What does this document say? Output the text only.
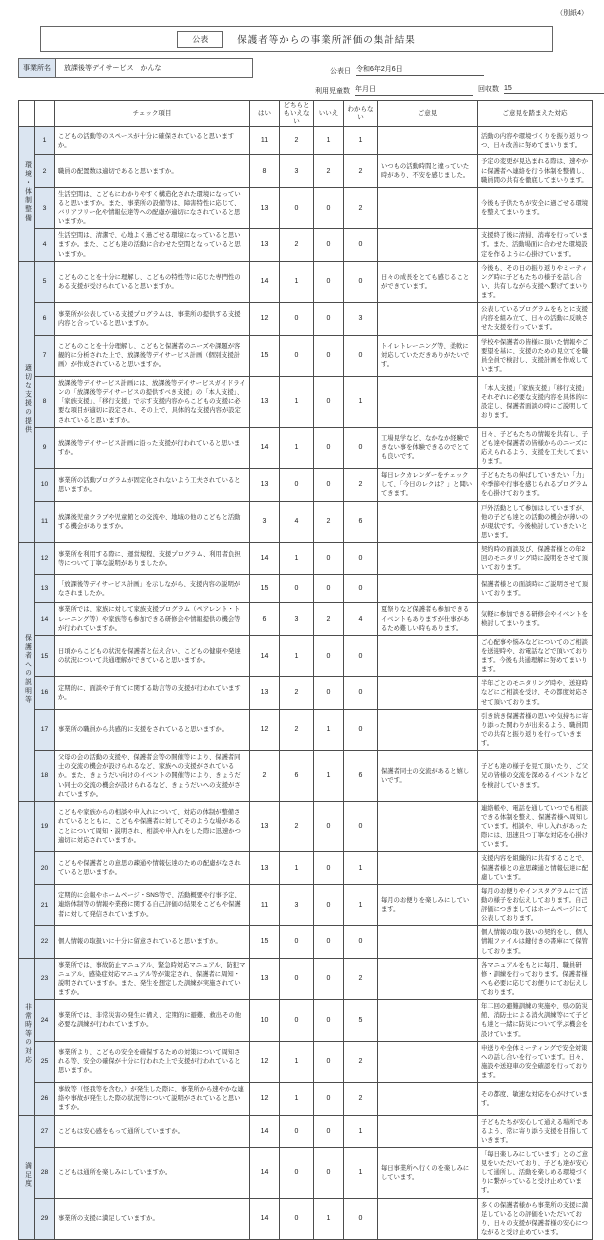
（別紙4）
公表	保護者等からの事業所評価の集計結果
事業所名	放課後等デイサービス　かんな	公表日 令和6年2月6日
利用児童数 年月日	回収数 15
		チェック項目	はい	どちらともいえない	いいえ	わからない	ご意見	ご意見を踏まえた対応
環境・体制整備	1	こどもの活動等のスペースが十分に確保されていると思いますか。	11	2	1	1		活動の内容や環境づくりを振り返りつつ、日々改善に努めてまいります。
	2	職員の配置数は適切であると思いますか。	8	3	2	2	いつもの活動時間と違っていた時があり、不安を感じました。	予定の変更が見込まれる際は、速やかに保護者へ連絡を行う体制を整備し、職員間の共有を徹底してまいります。
	3	生活空間は、こどもにわかりやすく構造化された環境になっていると思いますか。また、事業所の設備等は、障害特性に応じて、バリアフリー化や情報伝達等への配慮が適切になされていると思いますか。	13	0	0	2		今後も子供たちが安全に過ごせる環境を整えてまいります。
	4	生活空間は、清潔で、心地よく過ごせる環境になっていると思いますか。また、こども達の活動に合わせた空間となっていると思いますか。	13	2	0	0		支援終了後に清掃、消毒を行っています。また、活動場面に合わせた環境設定を作るように心掛けています。
適切な支援の提供	5	こどものことを十分に理解し、こどもの特性等に応じた専門性のある支援が受けられていると思いますか。	14	1	0	0	日々の成長をとても感じることができています。	今後も、その日の振り返りやミーティング時に子どもたちの様子を話し合い、共有しながら支援へ繋げてまいります。
	6	事業所が公表している支援プログラムは、事業所の提供する支援内容と合っていると思いますか。	12	0	0	3		公表しているプログラムをもとに支援内容を組み立て、日々の活動に反映させた支援を行っています。
	7	こどものことを十分理解し、こどもと保護者のニーズや課題が客観的に分析された上で、放課後等デイサービス計画（個別支援計画）が作成されていると思いますか。	15	0	0	0	トイレトレーニング等、柔軟に対応していただきありがたいです。	学校や保護者の皆様に頂いた情報やご要望を基に、支援のための見立てを職員全員で検討し、支援計画を作成しています。
	8	放課後等デイサービス計画には、放課後等デイサービスガイドラインの「放課後等デイサービスの提供すべき支援」の「本人支援」、「家族支援」、「移行支援」で示す支援内容からこどもの支援に必要な項目が適切に設定され、その上で、具体的な支援内容が設定されていると思いますか。	13	1	0	1		「本人支援」「家族支援」「移行支援」それぞれに必要な支援内容を具体的に設定し、保護者面談の時にご説明しております。
	9	放課後等デイサービス計画に沿った支援が行われていると思いますか。	14	1	0	0	工場見学など、なかなか経験できない事を体験できるのでとても良いです。	日々、子どもたちの情報を共有し、子ども達や保護者の皆様からのニーズに応えられるよう、支援を工夫してまいります。
	10	事業所の活動プログラムが固定化されないよう工夫されていると思いますか。	13	0	0	2	毎日レクカレンダーをチェックして、「今日のレクは？」と聞いてきます。	子どもたちの伸ばしていきたい「力」や季節や行事を感じられるプログラムを心掛けております。
	11	放課後児童クラブや児童館との交流や、地域の他のこどもと活動する機会がありますか。	3	4	2	6		戸外活動として参加はしていますが、他の子ども達との活動の機会が薄いのが現状です。今後検討していきたいと思います。
保護者への説明等	12	事業所を利用する際に、運営規程、支援プログラム、利用者負担等について丁寧な説明がありましたか。	14	1	0	0		契約時の面談及び、保護者様との年2回のモニタリング時に説明をさせて頂いております。
	13	「放課後等デイサービス計画」を示しながら、支援内容の説明がなされましたか。	15	0	0	0		保護者様との面談時にご説明させて頂いております。
	14	事業所では、家族に対して家族支援プログラム（ペアレント・トレーニング等）や家族等も参加できる研修会や情報提供の機会等が行われていますか。	6	3	2	4	夏祭りなど保護者も参加できるイベントもありますが仕事があるため難しい時もあります。	気軽に参加できる研修会やイベントを検討してまいります。
	15	日頃からこどもの状況を保護者と伝え合い、こどもの健康や発達の状況について共通理解ができていると思いますか。	14	1	0	0		ご心配事や悩みなどについてのご相談を送迎時や、お電話などで頂いております。今後も共通理解に努めてまいります。
	16	定期的に、面談や子育てに関する助言等の支援が行われていますか。	13	2	0	0		半年ごとのモニタリング時や、送迎時などにご相談を受け、その都度対応させて頂いております。
	17	事業所の職員から共感的に支援をされていると思いますか。	12	2	1	0		引き続き保護者様の思いや気持ちに寄り添った関わりが出来るよう、職員間での共有と振り返りを行っていきます。
	18	父母の会の活動の支援や、保護者会等の開催等により、保護者同士の交流の機会が設けられるなど、家族への支援がされているか。また、きょうだい向けのイベントの開催等により、きょうだい同士の交流の機会が設けられるなど、きょうだいへの支援がされていますか。	2	6	1	6	保護者同士の交流があると嬉しいです。	子ども達の様子を見て頂いたり、ご父兄の皆様の交流を深めるイベントなどを検討していきます。
	19	こどもや家族からの相談や申入れについて、対応の体制が整備されているとともに、こどもや保護者に対してそのような場があることについて周知・説明され、相談や申入れをした際に迅速かつ適切に対応されていますか。	13	2	0	0		連絡帳や、電話を通していつでも相談できる体制を整え、保護者様へ周知しています。相談や、申し入れがあった際には、迅速且つ丁寧な対応を心掛けています。
	20	こどもや保護者との意思の疎通や情報伝達のための配慮がなされていると思いますか。	13	1	0	1		支援内容を組織的に共有することで、保護者様との意思疎通と情報伝達に配慮しています。
	21	定期的に会報やホームページ・SNS等で、活動概要や行事予定、連絡体制等の情報や業務に関する自己評価の結果をこどもや保護者に対して発信されていますか。	11	3	0	1	毎月のお便りを楽しみにしています。	毎月のお便りやインスタグラムにて活動の様子をお伝えしております。自己評価につきましてはホームページにて公表しております。
	22	個人情報の取扱いに十分に留意されていると思いますか。	15	0	0	0		個人情報の取り扱いの契約をし、個人情報ファイルは鍵付きの書庫にて保管しております。
非常時等の対応	23	事業所では、事故防止マニュアル、緊急時対応マニュアル、防犯マニュアル、感染症対応マニュアル等が策定され、保護者に周知・説明されていますか。また、発生を想定した訓練が実施されていますか。	13	0	0	2		各マニュアルをもとに毎月、職員研修・訓練を行っております。保護者様へも必要に応じてお便りにてお伝えしております。
	24	事業所では、非常災害の発生に備え、定期的に避難、救出その他必要な訓練が行われていますか。	10	0	0	5		年二回の避難訓練の実施や、県の防災館、消防士による消火訓練等にて子ども達と一緒に防災について学ぶ機会を設けています。
	25	事業所より、こどもの安全を確保するための対策について周知される等、安全の確保が十分に行われた上で支援が行われていると思いますか。	12	1	0	2		申送りや全体ミーティングで安全対策への話し合いを行っています。日々、施設や送迎車の安全確認を行っております。
	26	事故等（怪我等を含む。）が発生した際に、事業所から速やかな連絡や事故が発生した際の状況等について説明がされていると思いますか。	12	1	0	2		その都度、敏速な対応を心がけています。
満足度	27	こどもは安心感をもって通所していますか。	14	0	0	1		子どもたちが安心して通える場所であるよう、常に寄り添う支援を目指していきます。
	28	こどもは通所を楽しみにしていますか。	14	0	0	1	毎日事業所へ行くのを楽しみにしています。	「毎日楽しみにしています」とのご意見をいただいており、子ども達が安心して通所し、活動を楽しめる環境づくりに繋がっていると受け止めています。
	29	事業所の支援に満足していますか。	14	0	1	0		多くの保護者様から事業所の支援に満足しているとの評価をいただいており、日々の支援が保護者様の安心につながると受け止めています。
